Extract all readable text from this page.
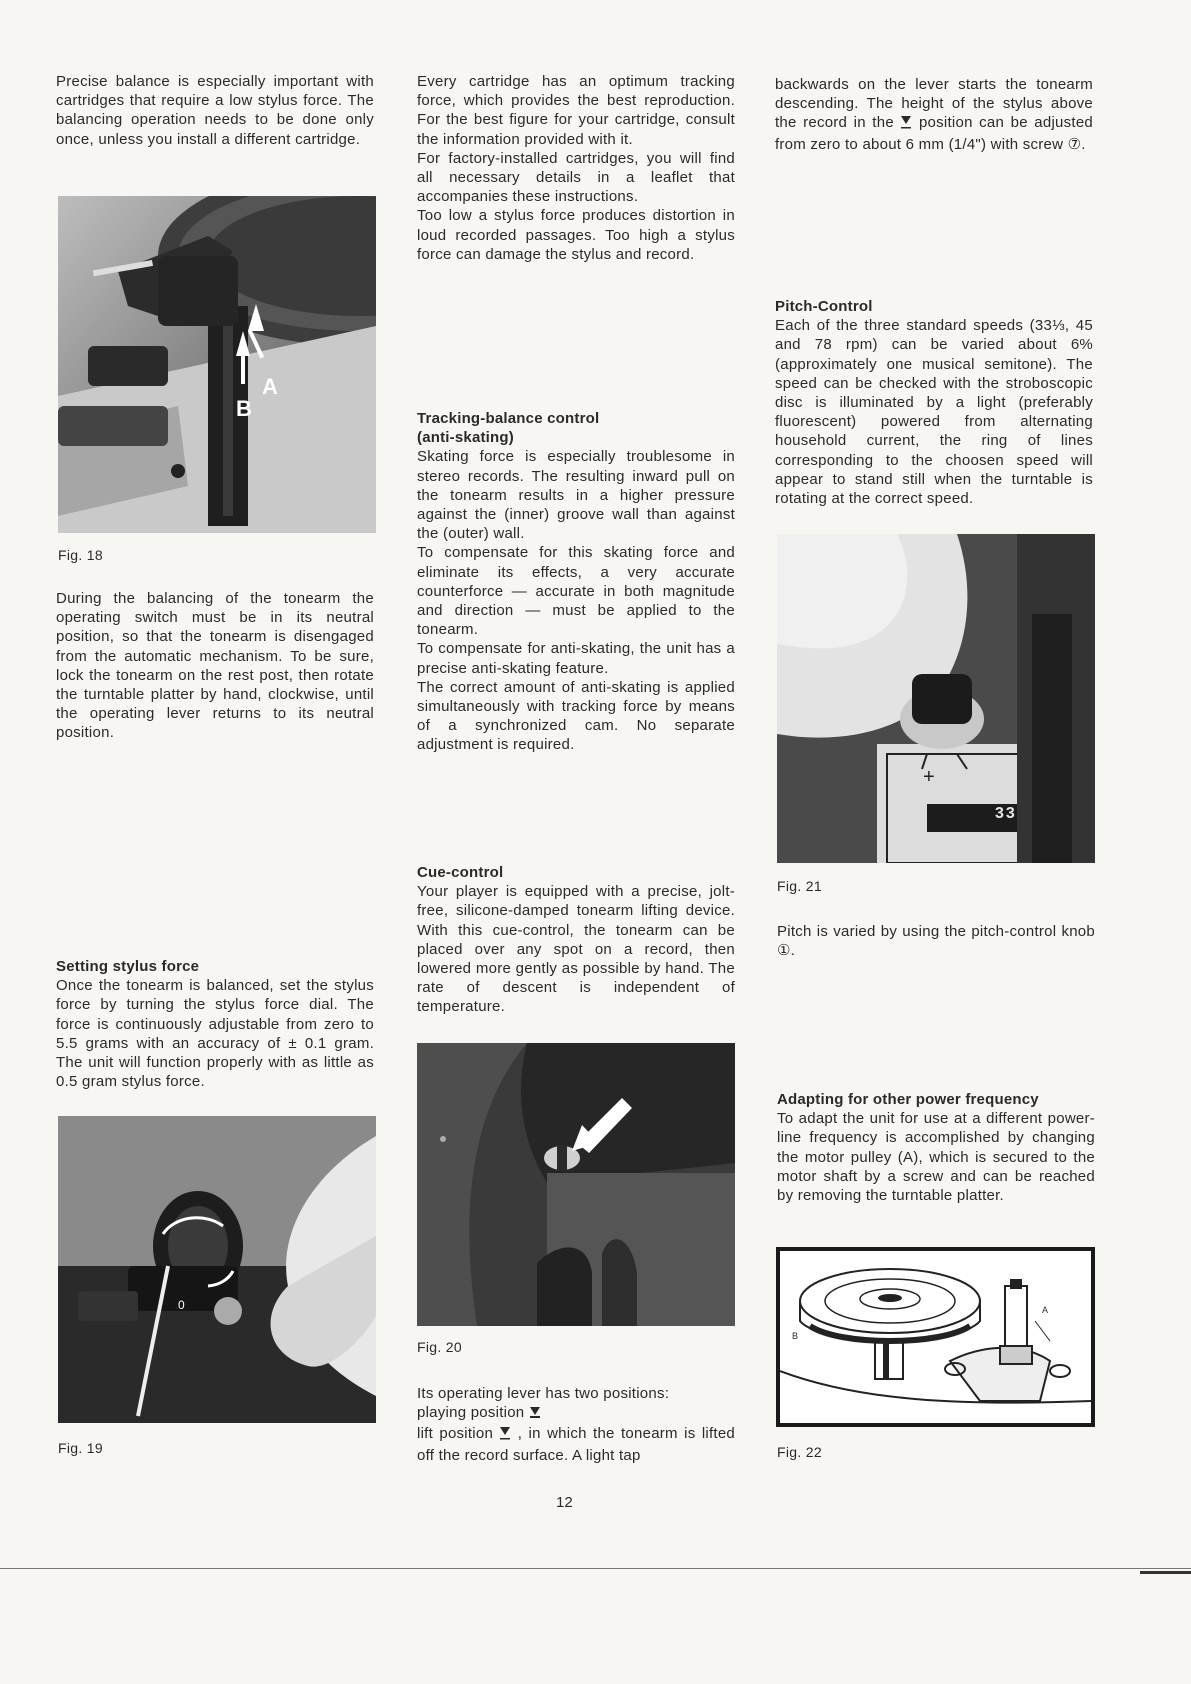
Precise balance is especially important with cartridges that require a low stylus force. The balancing operation needs to be done only once, unless you install a different cartridge.

A
B
Fig. 18

During the balancing of the tonearm the operating switch must be in its neutral position, so that the tonearm is disengaged from the automatic mechanism. To be sure, lock the tonearm on the rest post, then rotate the turntable platter by hand, clockwise, until the operating lever returns to its neutral position.

Setting stylus force

Once the tonearm is balanced, set the stylus force by turning the stylus force dial. The force is continuously adjustable from zero to 5.5 grams with an accuracy of ± 0.1 gram. The unit will function properly with as little as 0.5 gram stylus force.

0
Fig. 19

Every cartridge has an optimum tracking force, which provides the best reproduction. For the best figure for your cartridge, consult the information provided with it.

For factory-installed cartridges, you will find all necessary details in a leaflet that accompanies these instructions.

Too low a stylus force produces distortion in loud recorded passages. Too high a stylus force can damage the stylus and record.

Tracking-balance control
(anti-skating)

Skating force is especially troublesome in stereo records. The resulting inward pull on the tonearm results in a higher pressure against the (inner) groove wall than against the (outer) wall.

To compensate for this skating force and eliminate its effects, a very accurate counterforce — accurate in both magnitude and direction — must be applied to the tonearm.

To compensate for anti-skating, the unit has a precise anti-skating feature.

The correct amount of anti-skating is applied simultaneously with tracking force by means of a synchronized cam. No separate adjustment is required.

Cue-control

Your player is equipped with a precise, jolt-free, silicone-damped tonearm lifting device. With this cue-control, the tonearm can be placed over any spot on a record, then lowered more gently as possible by hand. The rate of descent is independent of temperature.

Fig. 20

Its operating lever has two positions:

playing position

lift position , in which the tonearm is lifted off the record surface. A light tap

backwards on the lever starts the tonearm descending. The height of the stylus above the record in the position can be adjusted from zero to about 6 mm (1/4") with screw ⑦.

Pitch-Control

Each of the three standard speeds (33⅓, 45 and 78 rpm) can be varied about 6% (approximately one musical semitone). The speed can be checked with the stroboscopic disc is illuminated by a light (preferably fluorescent) powered from alternating household current, the ring of lines corresponding to the choosen speed will appear to stand still when the turntable is rotating at the correct speed.

+
33
Fig. 21

Pitch is varied by using the pitch-control knob ①.

Adapting for other power frequency

To adapt the unit for use at a different power-line frequency is accomplished by changing the motor pulley (A), which is secured to the motor shaft by a screw and can be reached by removing the turntable platter.

A
B
Fig. 22
12
